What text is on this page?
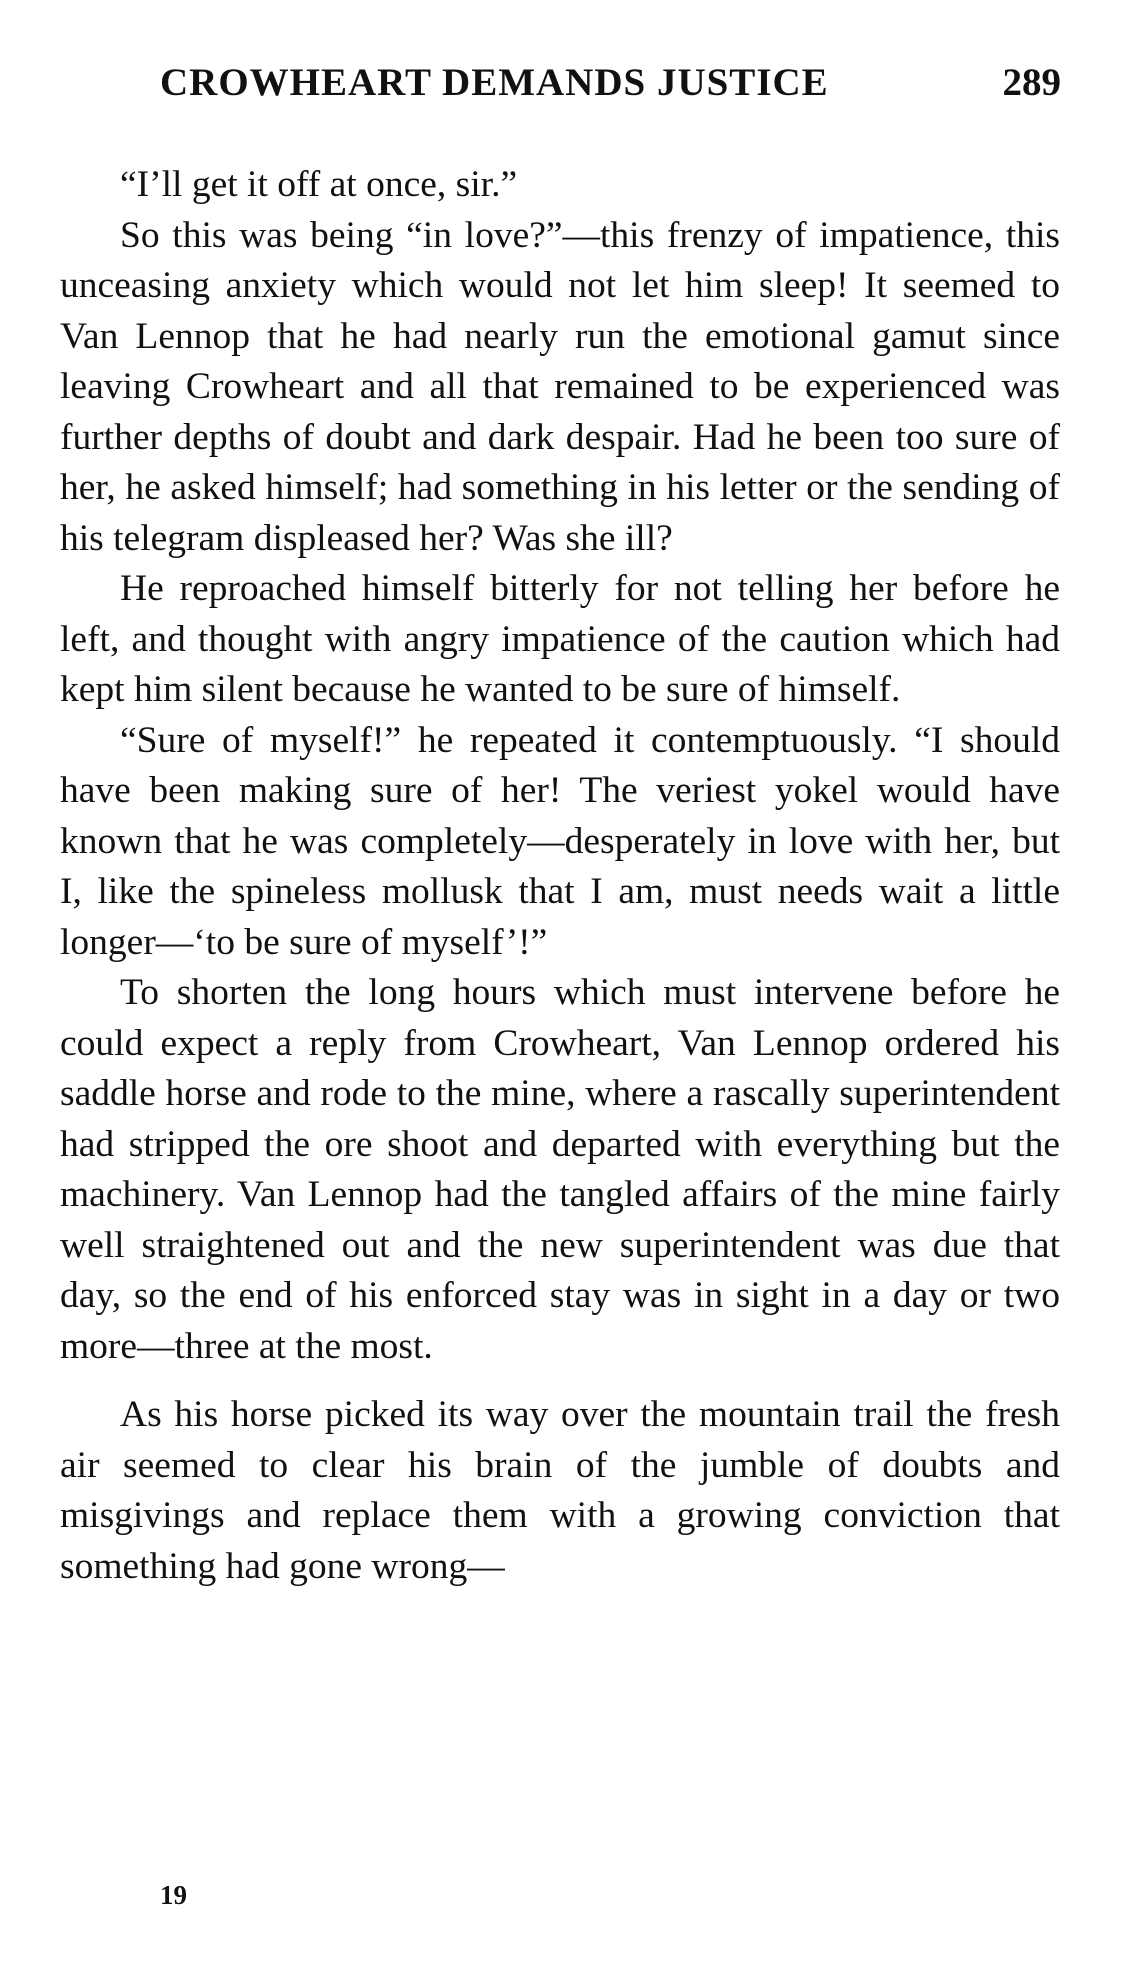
CROWHEART DEMANDS JUSTICE	289

“I’ll get it off at once, sir.”

So this was being “in love?”—this frenzy of impatience, this unceasing anxiety which would not let him sleep! It seemed to Van Lennop that he had nearly run the emotional gamut since leaving Crowheart and all that remained to be experienced was further depths of doubt and dark despair. Had he been too sure of her, he asked himself; had something in his letter or the sending of his telegram displeased her? Was she ill?

He reproached himself bitterly for not telling her before he left, and thought with angry impatience of the caution which had kept him silent because he wanted to be sure of himself.

“Sure of myself!” he repeated it contemptuously. “I should have been making sure of her! The veriest yokel would have known that he was completely—desperately in love with her, but I, like the spineless mollusk that I am, must needs wait a little longer—‘to be sure of myself’!”

To shorten the long hours which must intervene before he could expect a reply from Crowheart, Van Lennop ordered his saddle horse and rode to the mine, where a rascally superintendent had stripped the ore shoot and departed with everything but the machinery. Van Lennop had the tangled affairs of the mine fairly well straightened out and the new superintendent was due that day, so the end of his enforced stay was in sight in a day or two more—three at the most.

As his horse picked its way over the mountain trail the fresh air seemed to clear his brain of the jumble of doubts and misgivings and replace them with a growing conviction that something had gone wrong—

19
